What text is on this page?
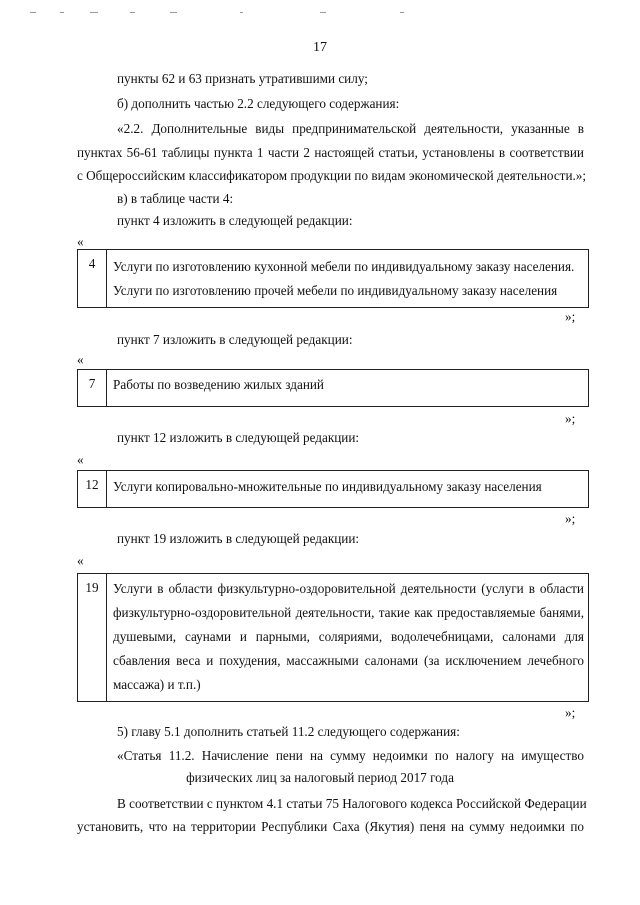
17
пункты 62 и 63 признать утратившими силу;
б) дополнить частью 2.2 следующего содержания:
«2.2. Дополнительные виды предпринимательской деятельности, указанные в
пунктах 56-61 таблицы пункта 1 части 2 настоящей статьи, установлены в соответствии
с Общероссийским классификатором продукции по видам экономической деятельности.»;
в) в таблице части 4:
пункт 4 изложить в следующей редакции:
«
4	Услуги по изготовлению кухонной мебели по индивидуальному заказу населения.
Услуги по изготовлению прочей мебели по индивидуальному заказу населения
»;
пункт 7 изложить в следующей редакции:
«
7	Работы по возведению жилых зданий
»;
пункт 12 изложить в следующей редакции:
«
12	Услуги копировально-множительные по индивидуальному заказу населения
»;
пункт 19 изложить в следующей редакции:
«
19	Услуги в области физкультурно-оздоровительной деятельности (услуги в области
физкультурно-оздоровительной деятельности, такие как предоставляемые банями,
душевыми, саунами и парными, соляриями, водолечебницами, салонами для
сбавления веса и похудения, массажными салонами (за исключением лечебного
массажа) и т.п.)
»;
5) главу 5.1 дополнить статьей 11.2 следующего содержания:
«Статья 11.2. Начисление пени на сумму недоимки по налогу на имущество
физических лиц за налоговый период 2017 года
В соответствии с пунктом 4.1 статьи 75 Налогового кодекса Российской Федерации
установить, что на территории Республики Саха (Якутия) пеня на сумму недоимки по
